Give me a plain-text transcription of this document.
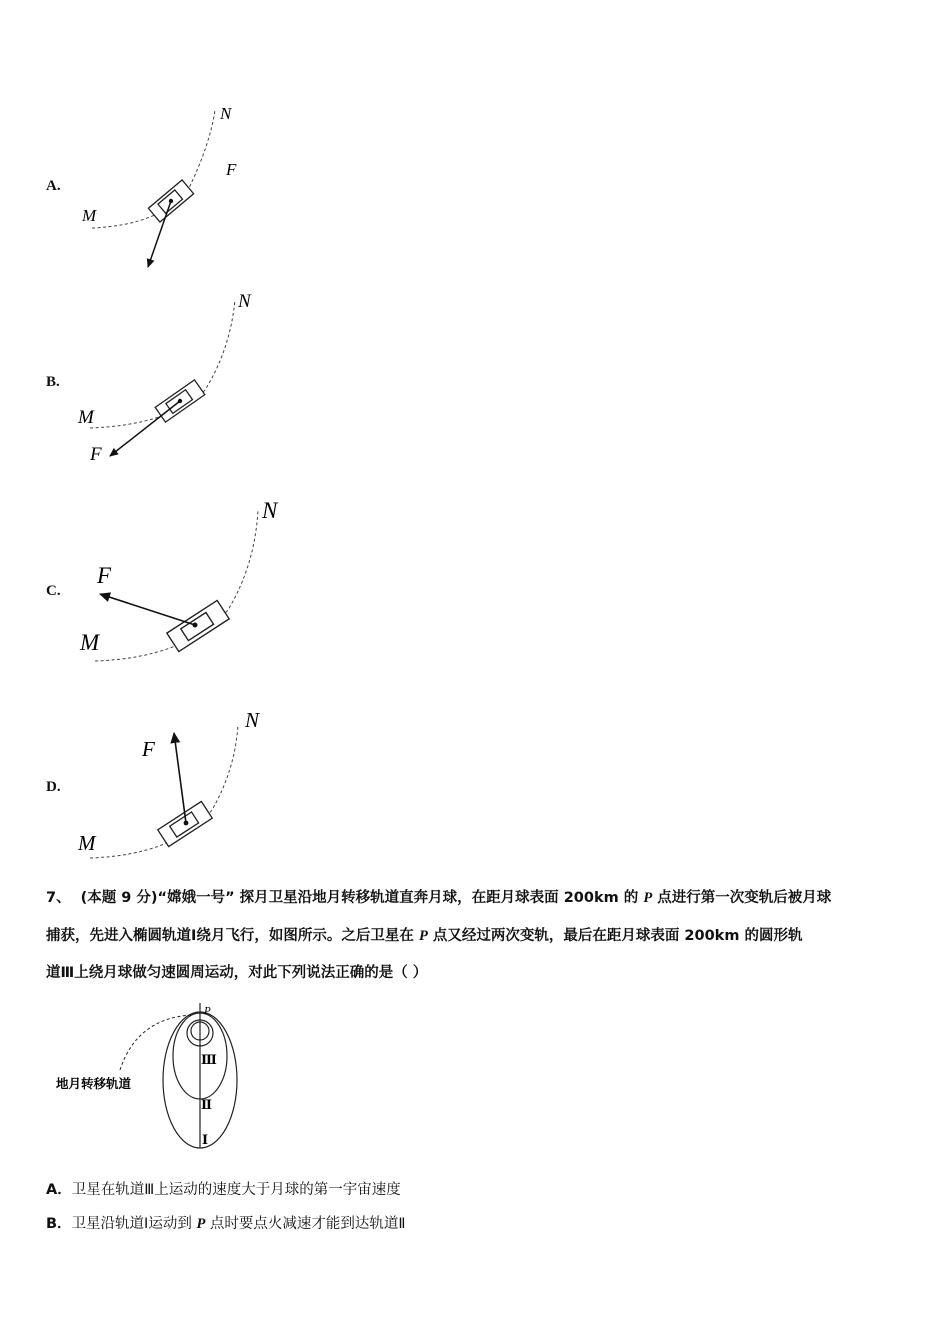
A.
N
F
M
B.
N
M
F
C.
N
F
M
D.
N
F
M
7、 (本题 9 分)“嫦娥一号” 探月卫星沿地月转移轨道直奔月球，在距月球表面 200km 的 P 点进行第一次变轨后被月球
捕获，先进入椭圆轨道Ⅰ绕月飞行，如图所示。之后卫星在 P 点又经过两次变轨，最后在距月球表面 200km 的圆形轨
道Ⅲ上绕月球做匀速圆周运动，对此下列说法正确的是（ ）
P
Ⅲ
Ⅱ
Ⅰ
地月转移轨道
A．卫星在轨道Ⅲ上运动的速度大于月球的第一宇宙速度
B．卫星沿轨道Ⅰ运动到 P 点时要点火减速才能到达轨道Ⅱ
